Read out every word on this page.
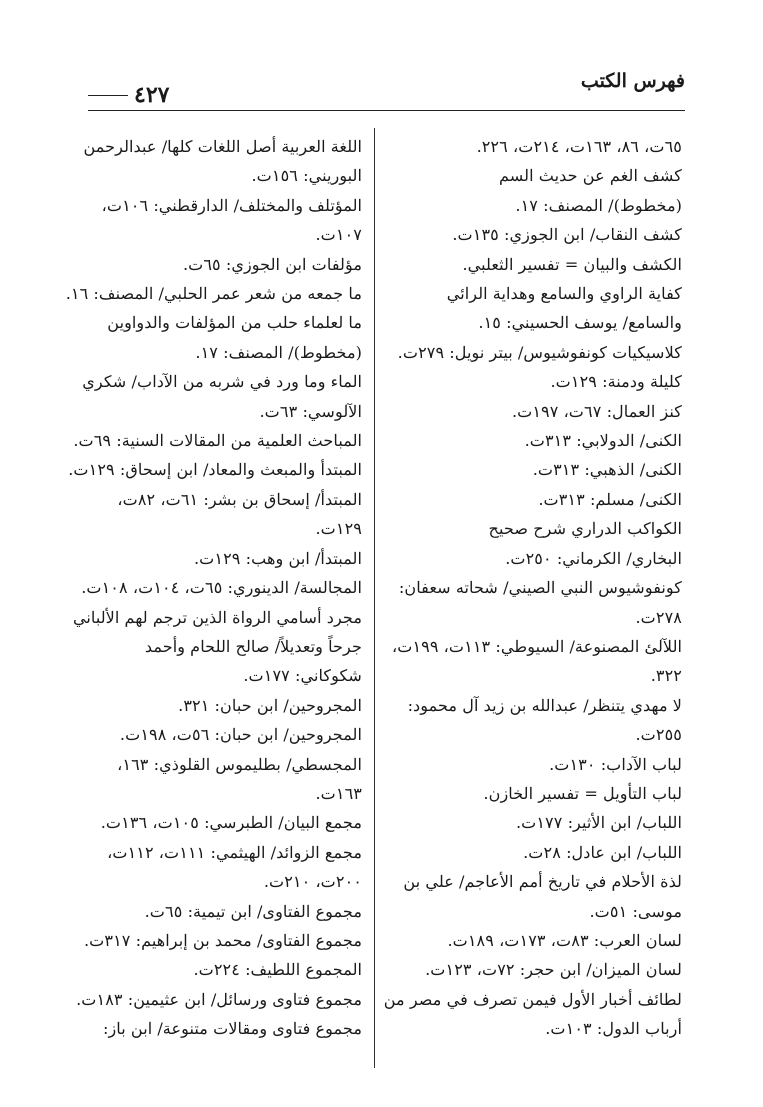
فهرس الكتب
٤٢٧
٦٥ت، ٨٦، ١٦٣ت، ٢١٤ت، ٢٢٦.
كشف الغم عن حديث السم
(مخطوط)/ المصنف: ١٧.
كشف النقاب/ ابن الجوزي: ١٣٥ت.
الكشف والبيان = تفسير الثعلبي.
كفاية الراوي والسامع وهداية الرائي
والسامع/ يوسف الحسيني: ١٥.
كلاسيكيات كونفوشيوس/ بيتر نويل: ٢٧٩ت.
كليلة ودمنة: ١٢٩ت.
كنز العمال: ٦٧ت، ١٩٧ت.
الكنى/ الدولابي: ٣١٣ت.
الكنى/ الذهبي: ٣١٣ت.
الكنى/ مسلم: ٣١٣ت.
الكواكب الدراري شرح صحيح
البخاري/ الكرماني: ٢٥٠ت.
كونفوشيوس النبي الصيني/ شحاته سعفان:
٢٧٨ت.
اللآلئ المصنوعة/ السيوطي: ١١٣ت، ١٩٩ت،
٣٢٢.
لا مهدي يتنظر/ عبدالله بن زيد آل محمود:
٢٥٥ت.
لباب الآداب: ١٣٠ت.
لباب التأويل = تفسير الخازن.
اللباب/ ابن الأثير: ١٧٧ت.
اللباب/ ابن عادل: ٢٨ت.
لذة الأحلام في تاريخ أمم الأعاجم/ علي بن
موسى: ٥١ت.
لسان العرب: ٨٣ت، ١٧٣ت، ١٨٩ت.
لسان الميزان/ ابن حجر: ٧٢ت، ١٢٣ت.
لطائف أخبار الأول فيمن تصرف في مصر من
أرباب الدول: ١٠٣ت.
اللغة العربية أصل اللغات كلها/ عبدالرحمن
البوريني: ١٥٦ت.
المؤتلف والمختلف/ الدارقطني: ١٠٦ت،
١٠٧ت.
مؤلفات ابن الجوزي: ٦٥ت.
ما جمعه من شعر عمر الحلبي/ المصنف: ١٦.
ما لعلماء حلب من المؤلفات والدواوين
(مخطوط)/ المصنف: ١٧.
الماء وما ورد في شربه من الآداب/ شكري
الآلوسي: ٦٣ت.
المباحث العلمية من المقالات السنية: ٦٩ت.
المبتدأ والمبعث والمعاد/ ابن إسحاق: ١٢٩ت.
المبتدأ/ إسحاق بن بشر: ٦١ت، ٨٢ت،
١٢٩ت.
المبتدأ/ ابن وهب: ١٢٩ت.
المجالسة/ الدينوري: ٦٥ت، ١٠٤ت، ١٠٨ت.
مجرد أسامي الرواة الذين ترجم لهم الألباني
جرحاً وتعديلاً/ صالح اللحام وأحمد
شكوكاني: ١٧٧ت.
المجروحين/ ابن حبان: ٣٢١.
المجروحين/ ابن حبان: ٥٦ت، ١٩٨ت.
المجسطي/ بطليموس القلوذي: ١٦٣،
١٦٣ت.
مجمع البيان/ الطبرسي: ١٠٥ت، ١٣٦ت.
مجمع الزوائد/ الهيثمي: ١١١ت، ١١٢ت،
٢٠٠ت، ٢١٠ت.
مجموع الفتاوى/ ابن تيمية: ٦٥ت.
مجموع الفتاوى/ محمد بن إبراهيم: ٣١٧ت.
المجموع اللطيف: ٢٢٤ت.
مجموع فتاوى ورسائل/ ابن عثيمين: ١٨٣ت.
مجموع فتاوى ومقالات متنوعة/ ابن باز:
